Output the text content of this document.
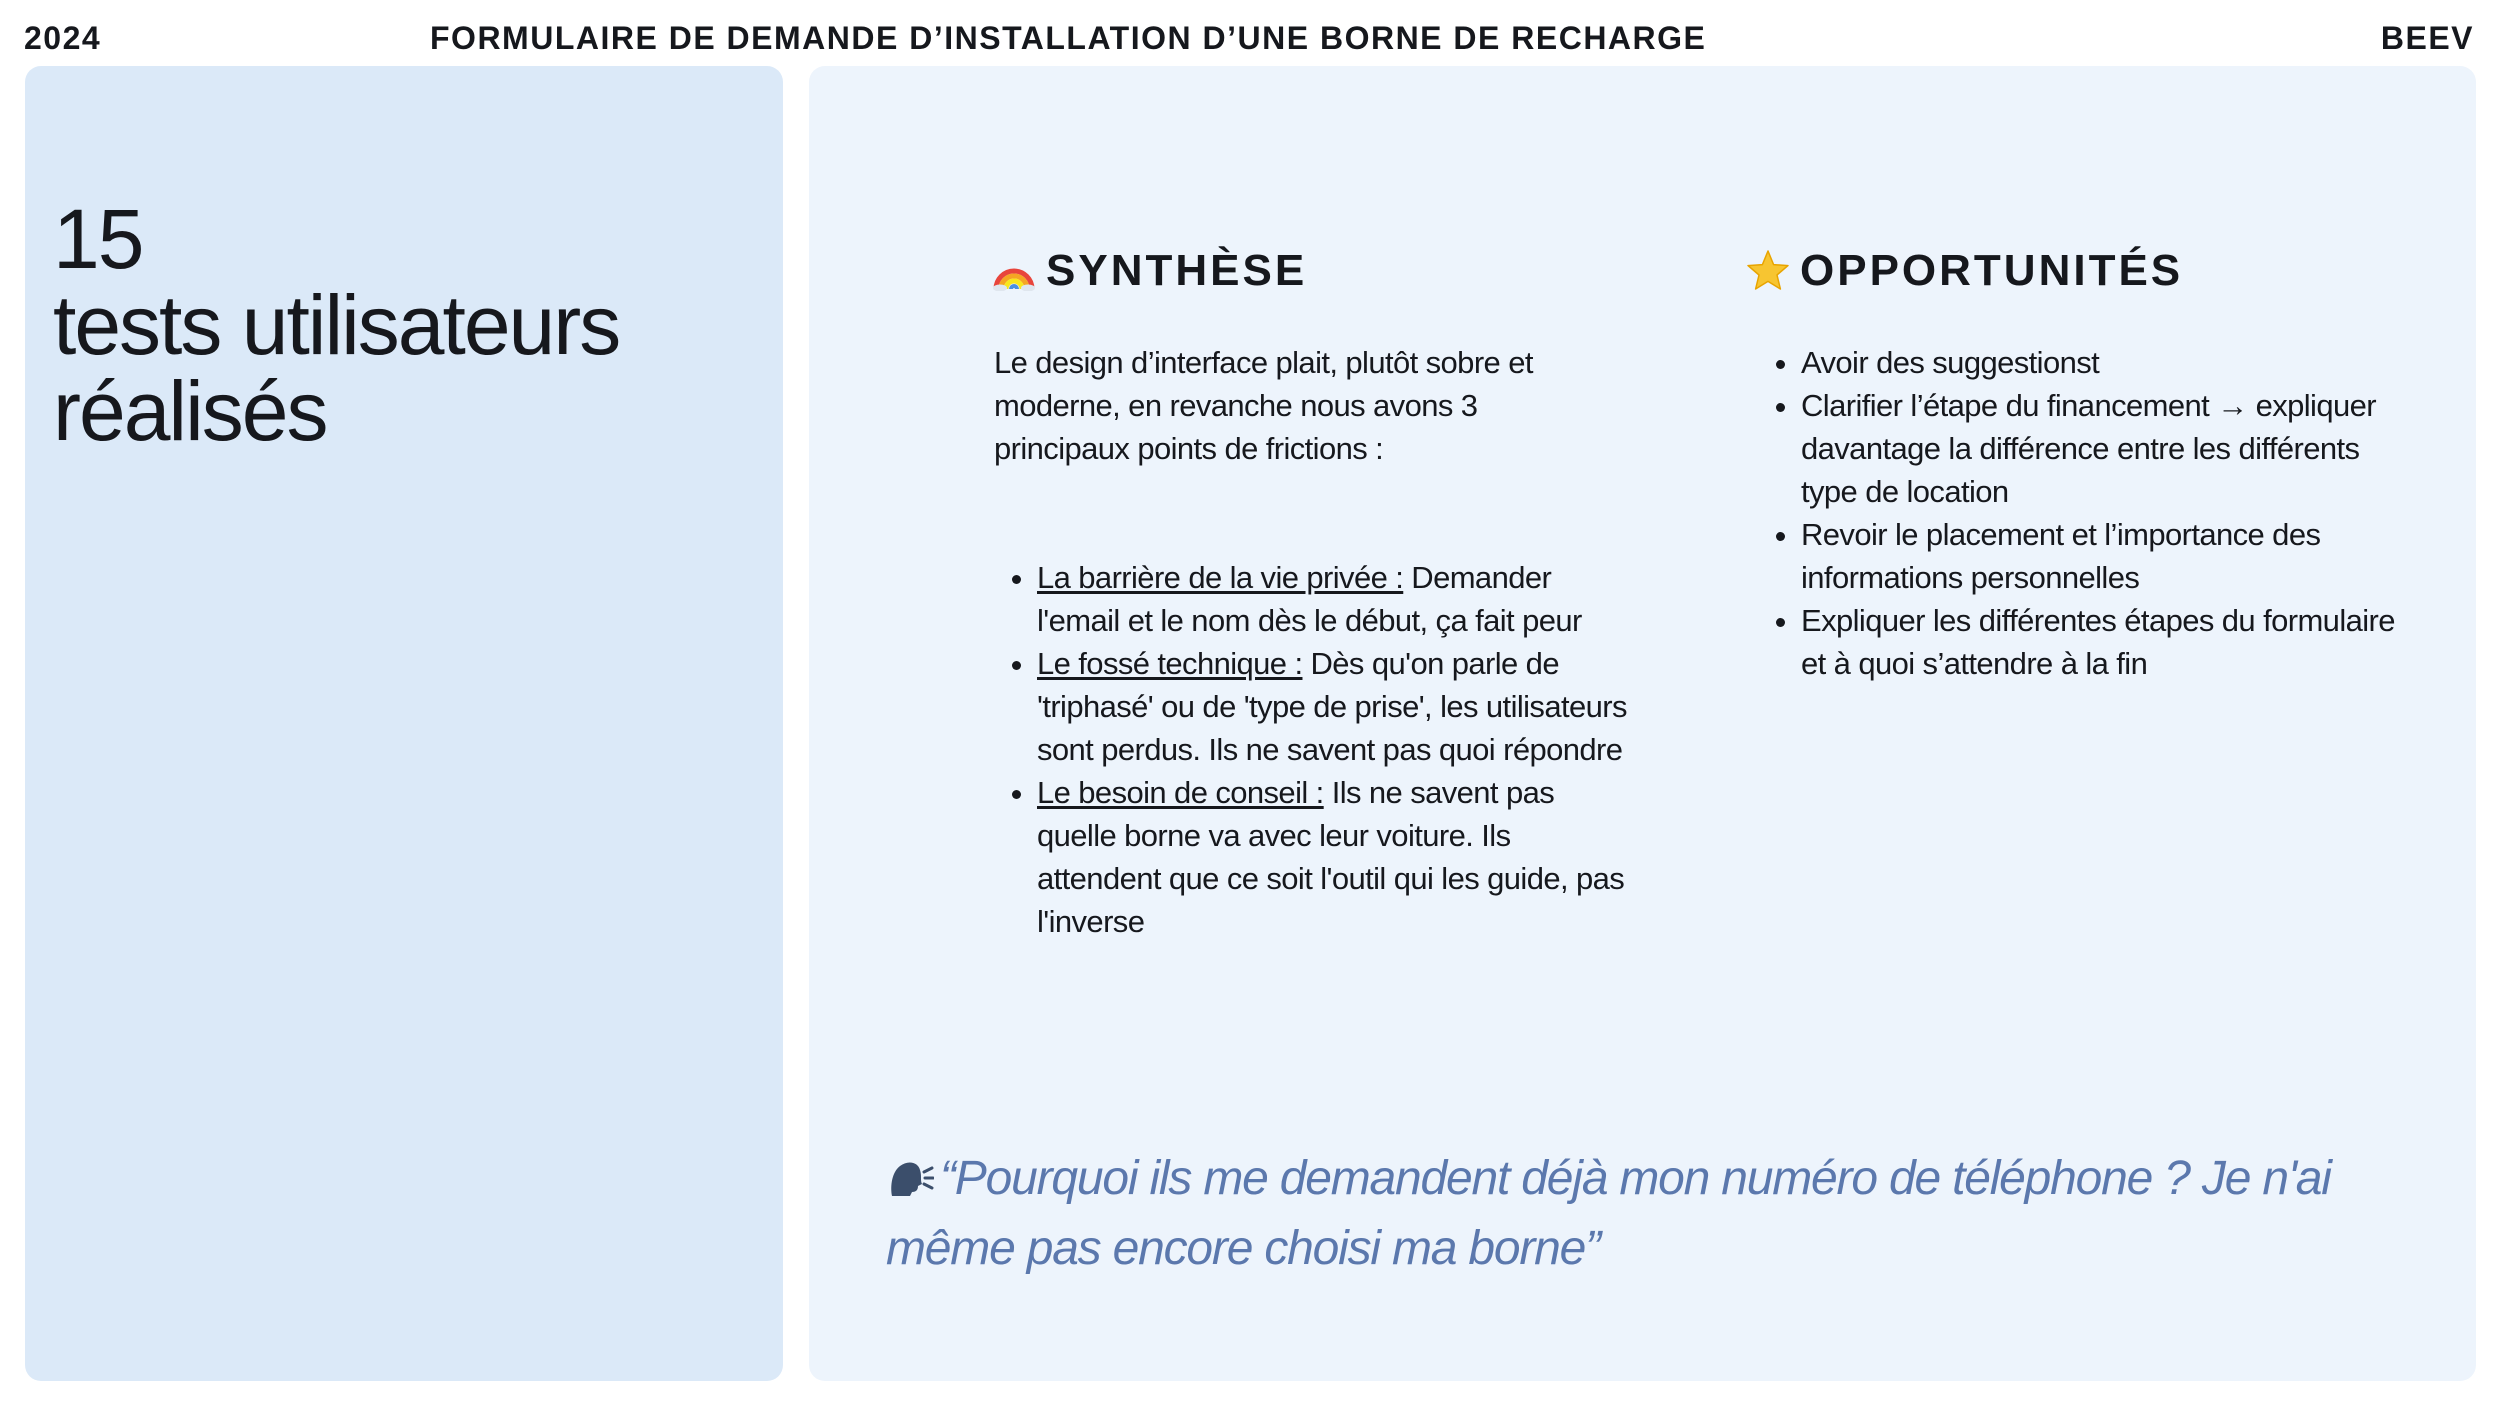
2024	FORMULAIRE DE DEMANDE D’INSTALLATION D’UNE BORNE DE RECHARGE	BEEV
15
tests utilisateurs
réalisés
SYNTHÈSE
Le design d’interface plait, plutôt sobre et moderne, en revanche nous avons 3 principaux points de frictions :
• La barrière de la vie privée : Demander l'email et le nom dès le début, ça fait peur
• Le fossé technique : Dès qu'on parle de 'triphasé' ou de 'type de prise', les utilisateurs sont perdus. Ils ne savent pas quoi répondre
• Le besoin de conseil : Ils ne savent pas quelle borne va avec leur voiture. Ils attendent que ce soit l'outil qui les guide, pas l'inverse
OPPORTUNITÉS
• Avoir des suggestionst
• Clarifier l’étape du financement → expliquer davantage la différence entre les différents type de location
• Revoir le placement et l’importance des informations personnelles
• Expliquer les différentes étapes du formulaire et à quoi s’attendre à la fin
“Pourquoi ils me demandent déjà mon numéro de téléphone ? Je n'ai même pas encore choisi ma borne”
